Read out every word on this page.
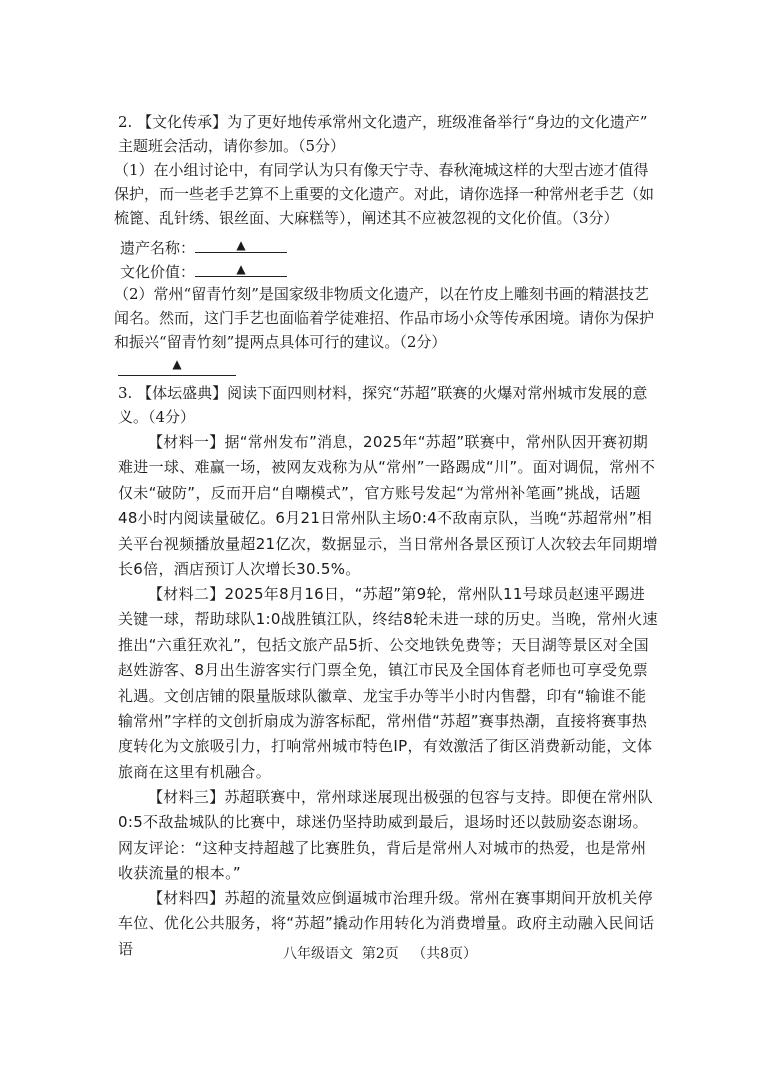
2. 【文化传承】为了更好地传承常州文化遗产，班级准备举行“身边的文化遗产”

主题班会活动，请你参加。（5分）

（1）在小组讨论中，有同学认为只有像天宁寺、春秋淹城这样的大型古迹才值得保护，而一些老手艺算不上重要的文化遗产。对此，请你选择一种常州老手艺（如梳篦、乱针绣、银丝面、大麻糕等），阐述其不应被忽视的文化价值。（3分）

遗产名称：	▲
文化价值：	▲

（2）常州“留青竹刻”是国家级非物质文化遗产，以在竹皮上雕刻书画的精湛技艺闻名。然而，这门手艺也面临着学徒难招、作品市场小众等传承困境。请你为保护和振兴“留青竹刻”提两点具体可行的建议。（2分）

▲

3. 【体坛盛典】阅读下面四则材料，探究“苏超”联赛的火爆对常州城市发展的意义。（4分）

【材料一】据“常州发布”消息，2025年“苏超”联赛中，常州队因开赛初期难进一球、难赢一场，被网友戏称为从“常州”一路踢成“川”。面对调侃，常州不仅未“破防”，反而开启“自嘲模式”，官方账号发起“为常州补笔画”挑战，话题48小时内阅读量破亿。6月21日常州队主场0:4不敌南京队，当晚“苏超常州”相关平台视频播放量超21亿次，数据显示，当日常州各景区预订人次较去年同期增长6倍，酒店预订人次增长30.5%。

【材料二】2025年8月16日，“苏超”第9轮，常州队11号球员赵速平踢进关键一球，帮助球队1:0战胜镇江队，终结8轮未进一球的历史。当晚，常州火速推出“六重狂欢礼”，包括文旅产品5折、公交地铁免费等；天目湖等景区对全国赵姓游客、8月出生游客实行门票全免，镇江市民及全国体育老师也可享受免票礼遇。文创店铺的限量版球队徽章、龙宝手办等半小时内售罄，印有“输谁不能输常州”字样的文创折扇成为游客标配，常州借“苏超”赛事热潮，直接将赛事热度转化为文旅吸引力，打响常州城市特色IP，有效激活了街区消费新动能，文体旅商在这里有机融合。

【材料三】苏超联赛中，常州球迷展现出极强的包容与支持。即便在常州队0:5不敌盐城队的比赛中，球迷仍坚持助威到最后，退场时还以鼓励姿态谢场。网友评论：“这种支持超越了比赛胜负，背后是常州人对城市的热爱，也是常州收获流量的根本。”

【材料四】苏超的流量效应倒逼城市治理升级。常州在赛事期间开放机关停车位、优化公共服务，将“苏超”撬动作用转化为消费增量。政府主动融入民间话语	八年级语文  第2页   （共8页）
